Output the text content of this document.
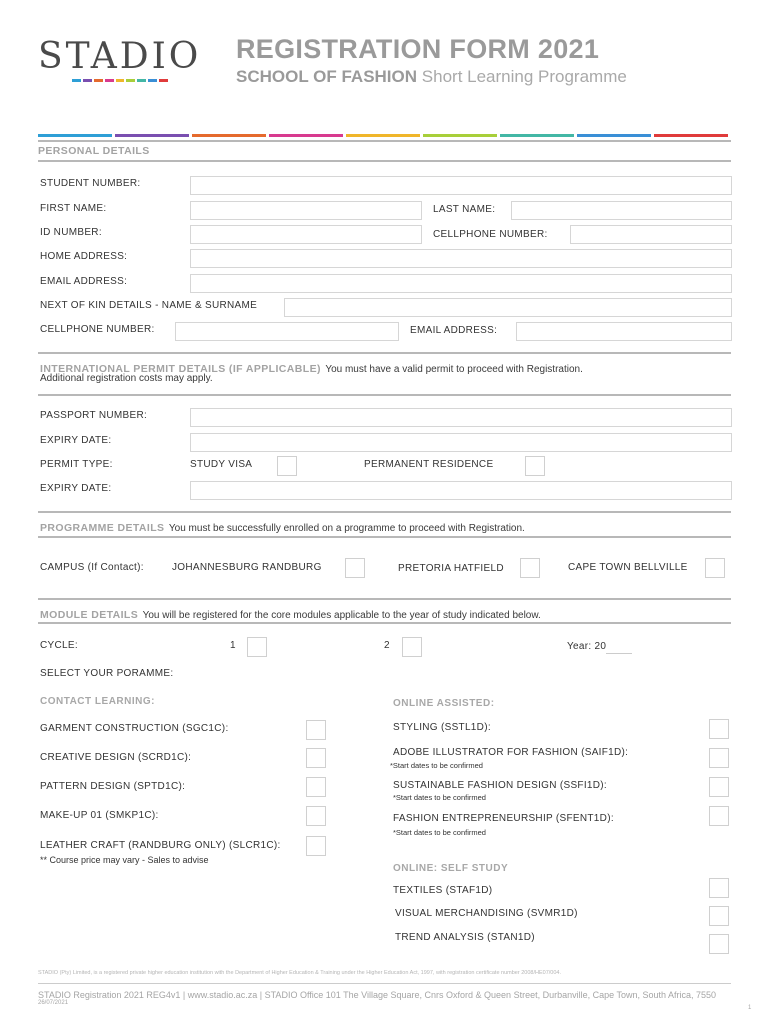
STADIO REGISTRATION FORM 2021
SCHOOL OF FASHION Short Learning Programme
PERSONAL DETAILS
STUDENT NUMBER:
FIRST NAME:	LAST NAME:
ID NUMBER:	CELLPHONE NUMBER:
HOME ADDRESS:
EMAIL ADDRESS:
NEXT OF KIN DETAILS - NAME & SURNAME
CELLPHONE NUMBER:	EMAIL ADDRESS:
INTERNATIONAL PERMIT DETAILS (IF APPLICABLE) You must have a valid permit to proceed with Registration.
Additional registration costs may apply.
PASSPORT NUMBER:
EXPIRY DATE:
PERMIT TYPE:	STUDY VISA	PERMANENT RESIDENCE
EXPIRY DATE:
PROGRAMME DETAILS You must be successfully enrolled on a programme to proceed with Registration.
CAMPUS (If Contact):	JOHANNESBURG RANDBURG	PRETORIA HATFIELD	CAPE TOWN BELLVILLE
MODULE DETAILS You will be registered for the core modules applicable to the year of study indicated below.
CYCLE:	1	2	Year: 20
SELECT YOUR PORAMME:
CONTACT LEARNING:	ONLINE ASSISTED:
GARMENT CONSTRUCTION (SGC1C):
CREATIVE DESIGN (SCRD1C):
PATTERN DESIGN (SPTD1C):
MAKE-UP 01 (SMKP1C):
LEATHER CRAFT (RANDBURG ONLY) (SLCR1C):
** Course price may vary - Sales to advise
STYLING (SSTL1D):
ADOBE ILLUSTRATOR FOR FASHION (SAIF1D):
*Start dates to be confirmed
SUSTAINABLE FASHION DESIGN (SSFI1D):
*Start dates to be confirmed
FASHION ENTREPRENEURSHIP (SFENT1D):
*Start dates to be confirmed
ONLINE: SELF STUDY
TEXTILES (STAF1D)
VISUAL MERCHANDISING (SVMR1D)
TREND ANALYSIS (STAN1D)
STADIO (Pty) Limited, is a registered private higher education institution with the Department of Higher Education & Training under the Higher Education Act, 1997, with registration certificate number 2008/HE07/004.
STADIO Registration 2021 REG4v1 | www.stadio.ac.za | STADIO Office 101 The Village Square, Cnrs Oxford & Queen Street, Durbanville, Cape Town, South Africa, 7550
26/07/2021
1
